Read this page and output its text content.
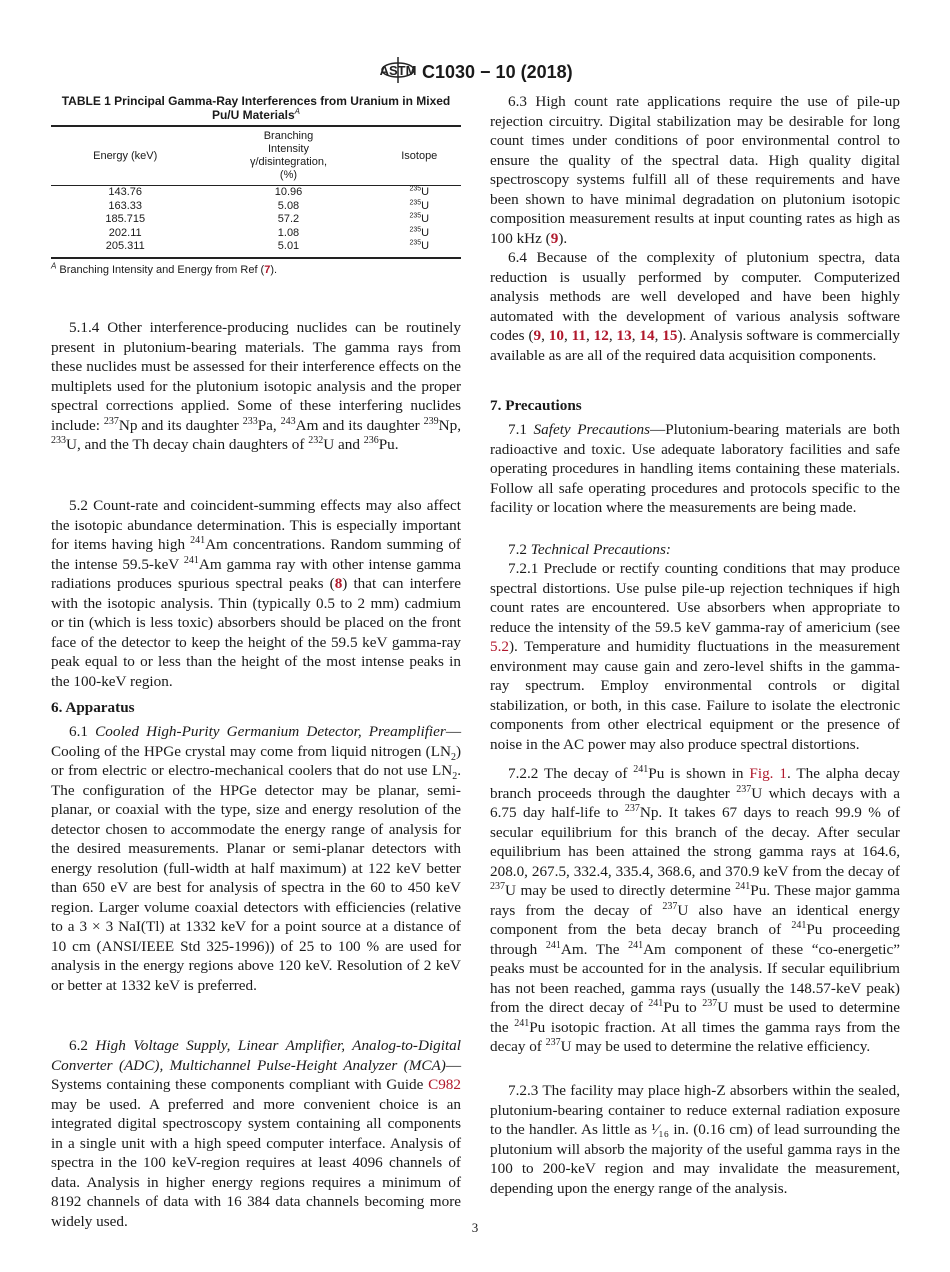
ASTM C1030 − 10 (2018)
TABLE 1 Principal Gamma-Ray Interferences from Uranium in Mixed Pu/U Materials$^A$
Energy (keV)	Branching
Intensity
γ/disintegration,
(%)	Isotope
143.76	10.96	$^{235}$U
163.33	5.08	$^{235}$U
185.715	57.2	$^{235}$U
202.11	1.08	$^{235}$U
205.311	5.01	$^{235}$U
$^A$ Branching Intensity and Energy from Ref (7).
5.1.4 Other interference-producing nuclides can be routinely present in plutonium-bearing materials. The gamma rays from these nuclides must be assessed for their interference effects on the multiplets used for the plutonium isotopic analysis and the proper spectral corrections applied. Some of these interfering nuclides include: $^{237}$Np and its daughter $^{233}$Pa, $^{243}$Am and its daughter $^{239}$Np, $^{233}$U, and the Th decay chain daughters of $^{232}$U and $^{236}$Pu.
5.2 Count-rate and coincident-summing effects may also affect the isotopic abundance determination. This is especially important for items having high $^{241}$Am concentrations. Random summing of the intense 59.5-keV $^{241}$Am gamma ray with other intense gamma radiations produces spurious spectral peaks (8) that can interfere with the isotopic analysis. Thin (typically 0.5 to 2 mm) cadmium or tin (which is less toxic) absorbers should be placed on the front face of the detector to keep the height of the 59.5 keV gamma-ray peak equal to or less than the height of the most intense peaks in the 100-keV region.
6. Apparatus
6.1 Cooled High-Purity Germanium Detector, Preamplifier—Cooling of the HPGe crystal may come from liquid nitrogen $(LN_2)$ or from electric or electro-mechanical coolers that do not use $LN_2$. The configuration of the HPGe detector may be planar, semi-planar, or coaxial with the type, size and energy resolution of the detector chosen to accommodate the energy range of analysis for the desired measurements. Planar or semi-planar detectors with energy resolution (full-width at half maximum) at 122 keV better than 650 eV are best for analysis of spectra in the 60 to 450 keV region. Larger volume coaxial detectors with efficiencies (relative to a 3 × 3 NaI(Tl) at 1332 keV for a point source at a distance of 10 cm (ANSI/IEEE Std 325-1996)) of 25 to 100 % are used for analysis in the energy regions above 120 keV. Resolution of 2 keV or better at 1332 keV is preferred.
6.2 High Voltage Supply, Linear Amplifier, Analog-to-Digital Converter (ADC), Multichannel Pulse-Height Analyzer (MCA)—Systems containing these components compliant with Guide C982 may be used. A preferred and more convenient choice is an integrated digital spectroscopy system containing all components in a single unit with a high speed computer interface. Analysis of spectra in the 100 keV-region requires at least 4096 channels of data. Analysis in higher energy regions requires a minimum of 8192 channels of data with 16 384 data channels becoming more widely used.
6.3 High count rate applications require the use of pile-up rejection circuitry. Digital stabilization may be desirable for long count times under conditions of poor environmental control to ensure the quality of the spectral data. High quality digital spectroscopy systems fulfill all of these requirements and have been shown to have minimal degradation on plutonium isotopic composition measurement results at input counting rates as high as 100 kHz (9).
6.4 Because of the complexity of plutonium spectra, data reduction is usually performed by computer. Computerized analysis methods are well developed and have been highly automated with the development of various analysis software codes (9, 10, 11, 12, 13, 14, 15). Analysis software is commercially available as are all of the required data acquisition components.
7. Precautions
7.1 Safety Precautions—Plutonium-bearing materials are both radioactive and toxic. Use adequate laboratory facilities and safe operating procedures in handling items containing these materials. Follow all safe operating procedures and protocols specific to the facility or location where the measurements are being made.
7.2 Technical Precautions:
7.2.1 Preclude or rectify counting conditions that may produce spectral distortions. Use pulse pile-up rejection techniques if high count rates are encountered. Use absorbers when appropriate to reduce the intensity of the 59.5 keV gamma-ray of americium (see 5.2). Temperature and humidity fluctuations in the measurement environment may cause gain and zero-level shifts in the gamma-ray spectrum. Employ environmental controls or digital stabilization, or both, in this case. Failure to isolate the electronic components from other electrical equipment or the presence of noise in the AC power may also produce spectral distortions.
7.2.2 The decay of $^{241}$Pu is shown in Fig. 1. The alpha decay branch proceeds through the daughter $^{237}$U which decays with a 6.75 day half-life to $^{237}$Np. It takes 67 days to reach 99.9 % of secular equilibrium for this branch of the decay. After secular equilibrium has been attained the strong gamma rays at 164.6, 208.0, 267.5, 332.4, 335.4, 368.6, and 370.9 keV from the decay of $^{237}$U may be used to directly determine $^{241}$Pu. These major gamma rays from the decay of $^{237}$U also have an identical energy component from the beta decay branch of $^{241}$Pu proceeding through $^{241}$Am. The $^{241}$Am component of these “co-energetic” peaks must be accounted for in the analysis. If secular equilibrium has not been reached, gamma rays (usually the 148.57-keV peak) from the direct decay of $^{241}$Pu to $^{237}$U must be used to determine the $^{241}$Pu isotopic fraction. At all times the gamma rays from the decay of $^{237}$U may be used to determine the relative efficiency.
7.2.3 The facility may place high-Z absorbers within the sealed, plutonium-bearing container to reduce external radiation exposure to the handler. As little as ¹⁄₁₆ in. (0.16 cm) of lead surrounding the plutonium will absorb the majority of the useful gamma rays in the 100 to 200-keV region and may invalidate the measurement, depending upon the energy range of the analysis.
3
